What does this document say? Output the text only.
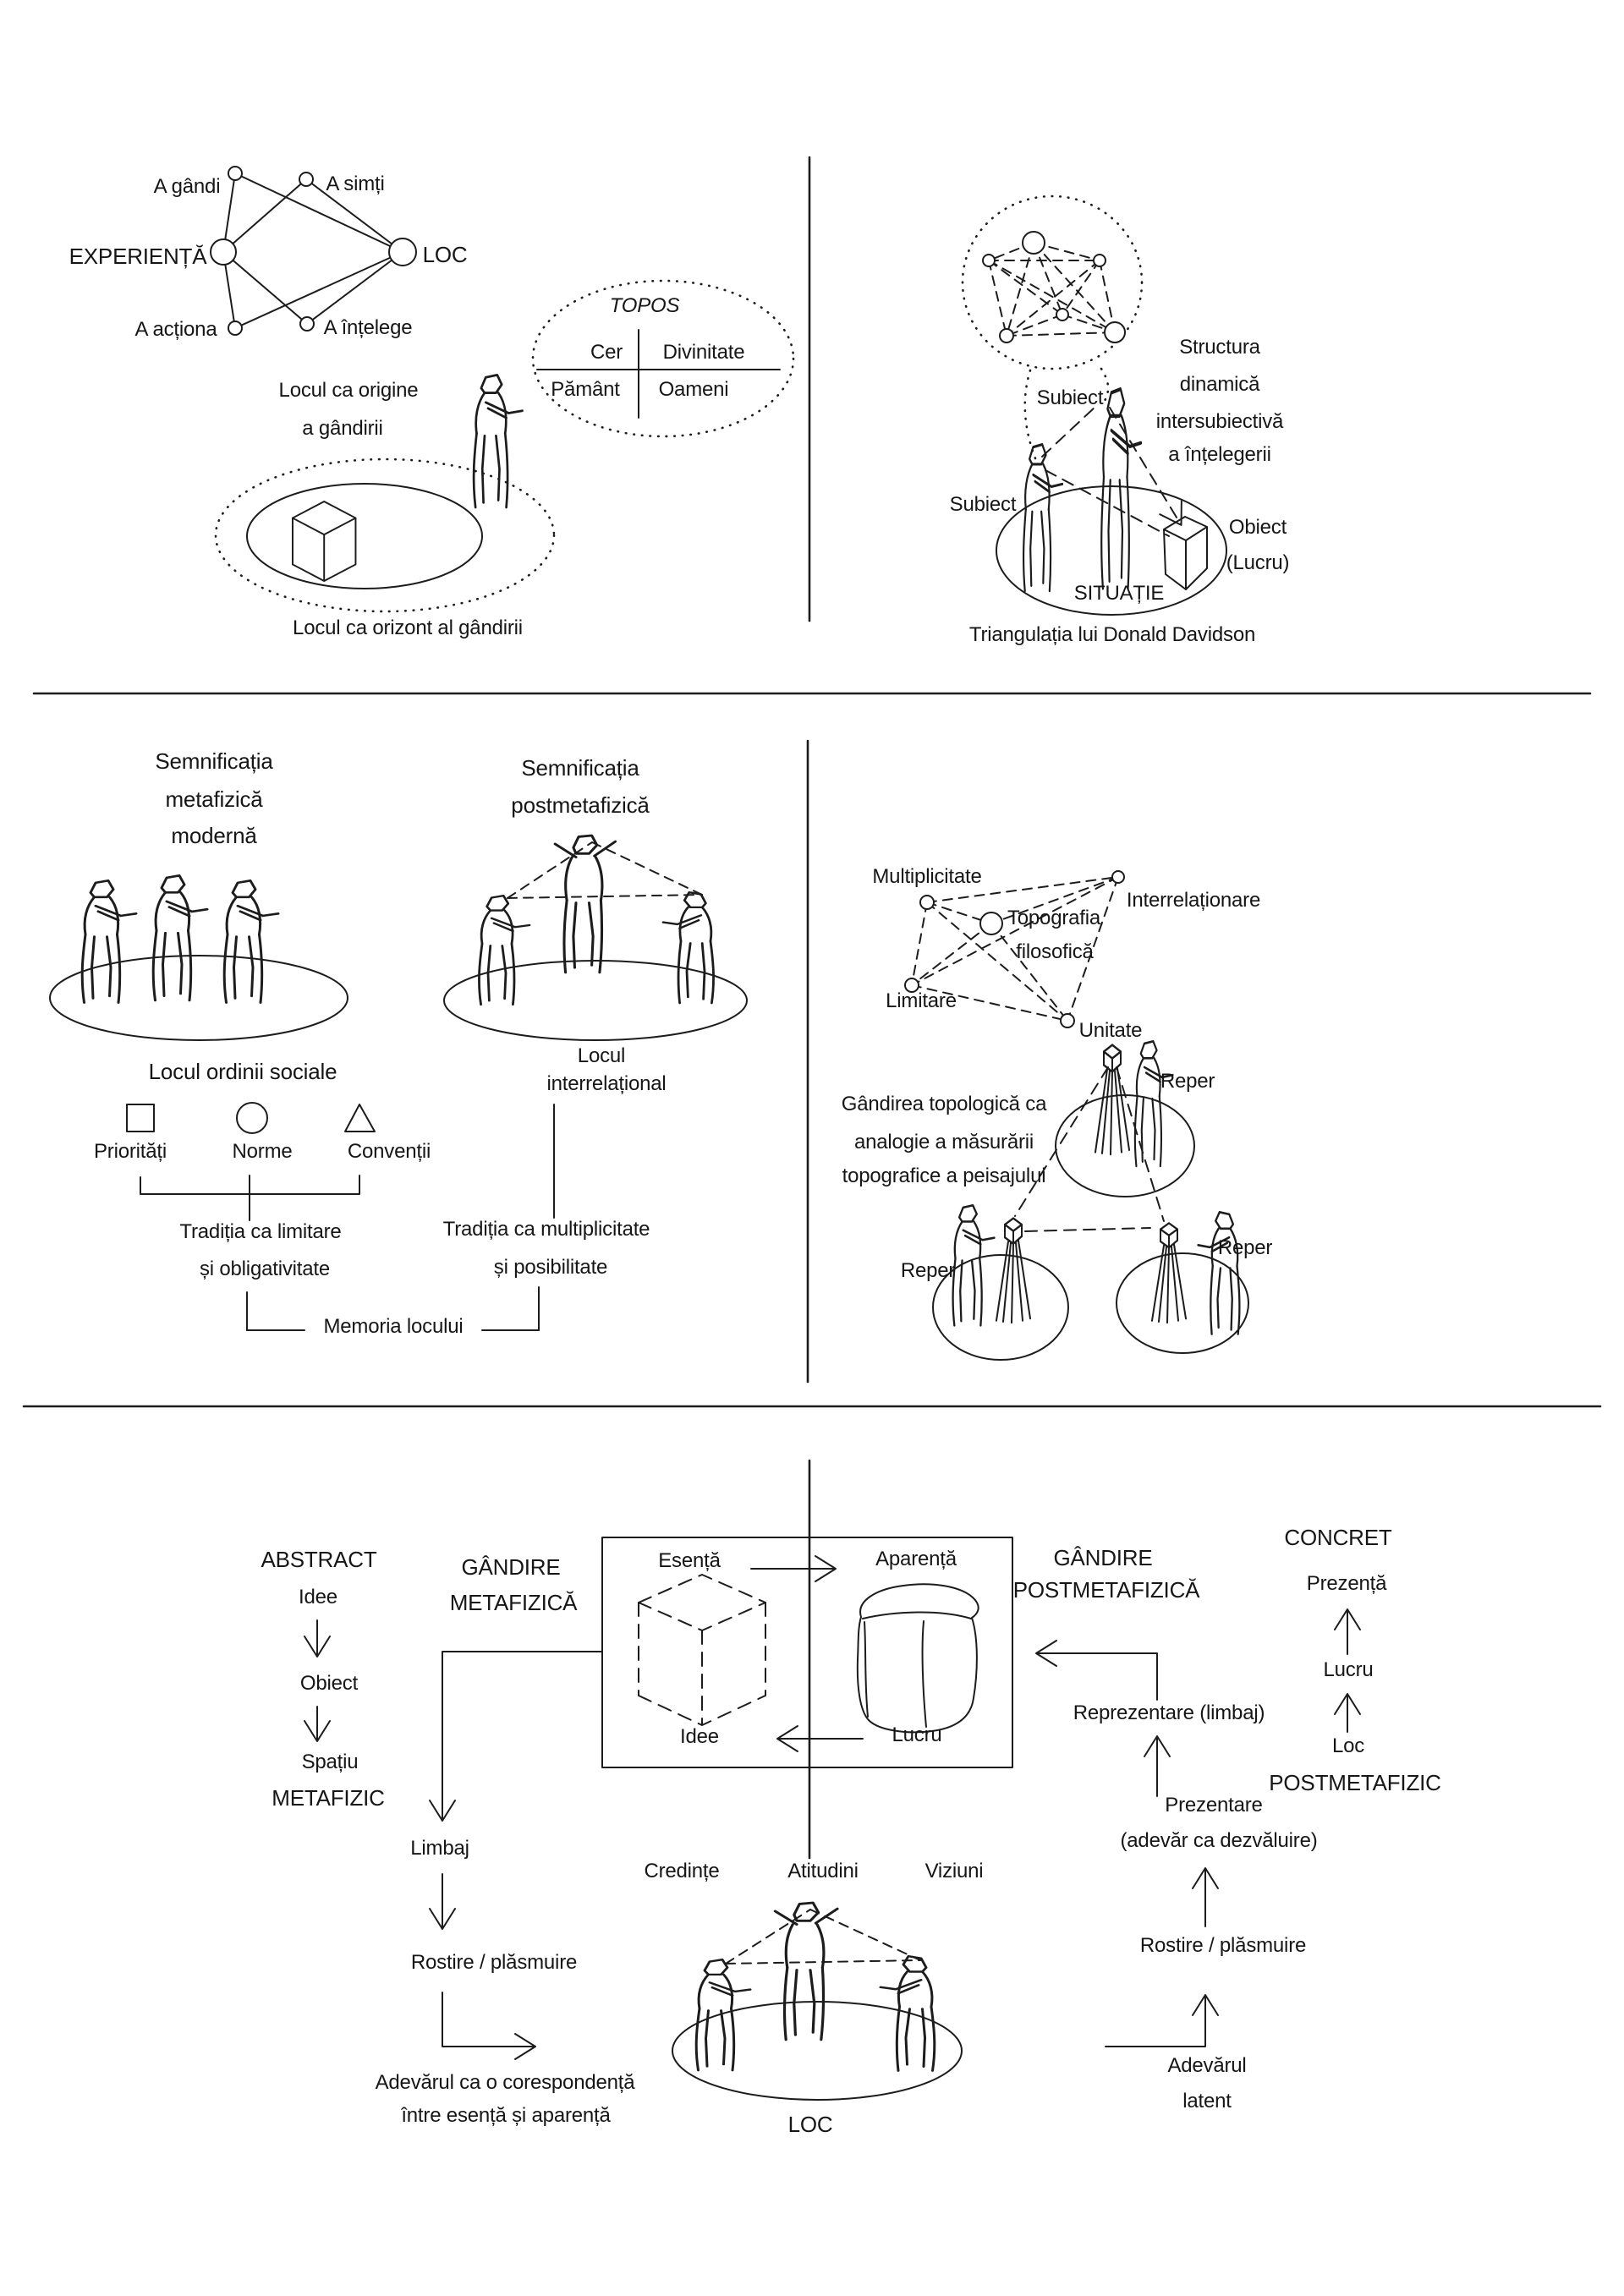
A gândi	A simți
EXPERIENȚĂ	LOC
A acționa	A înțelege
TOPOS
Cer Divinitate
Pământ Oameni
Locul ca origine
a gândirii
Locul ca orizont al gândirii
Structura
dinamică
intersubiectivă
a înțelegerii
Subiect
Subiect
Obiect
(Lucru)
SITUAȚIE
Triangulația lui Donald Davidson
Semnificația
metafizică
modernă
Semnificația
postmetafizică
Locul ordinii sociale
Priorități	Norme	Convenții
Tradiția ca limitare
și obligativitate
Locul
interrelațional
Tradiția ca multiplicitate
și posibilitate
Memoria locului
Multiplicitate
Interrelaționare
Topografia
filosofică
Limitare
Unitate
Gândirea topologică ca
analogie a măsurării
topografice a peisajului
Reper
Reper
Reper
ABSTRACT
Idee
Obiect
Spațiu
METAFIZIC
GÂNDIRE
METAFIZICĂ
Limbaj
Rostire / plăsmuire
Adevărul ca o corespondență
între esență și aparență
Esență	Aparență
Idee	Lucru
GÂNDIRE
POSTMETAFIZICĂ
CONCRET
Prezență
Lucru
Loc
POSTMETAFIZIC
Reprezentare (limbaj)
Prezentare
(adevăr ca dezvăluire)
Rostire / plăsmuire
Adevărul
latent
Credințe	Atitudini	Viziuni
LOC
